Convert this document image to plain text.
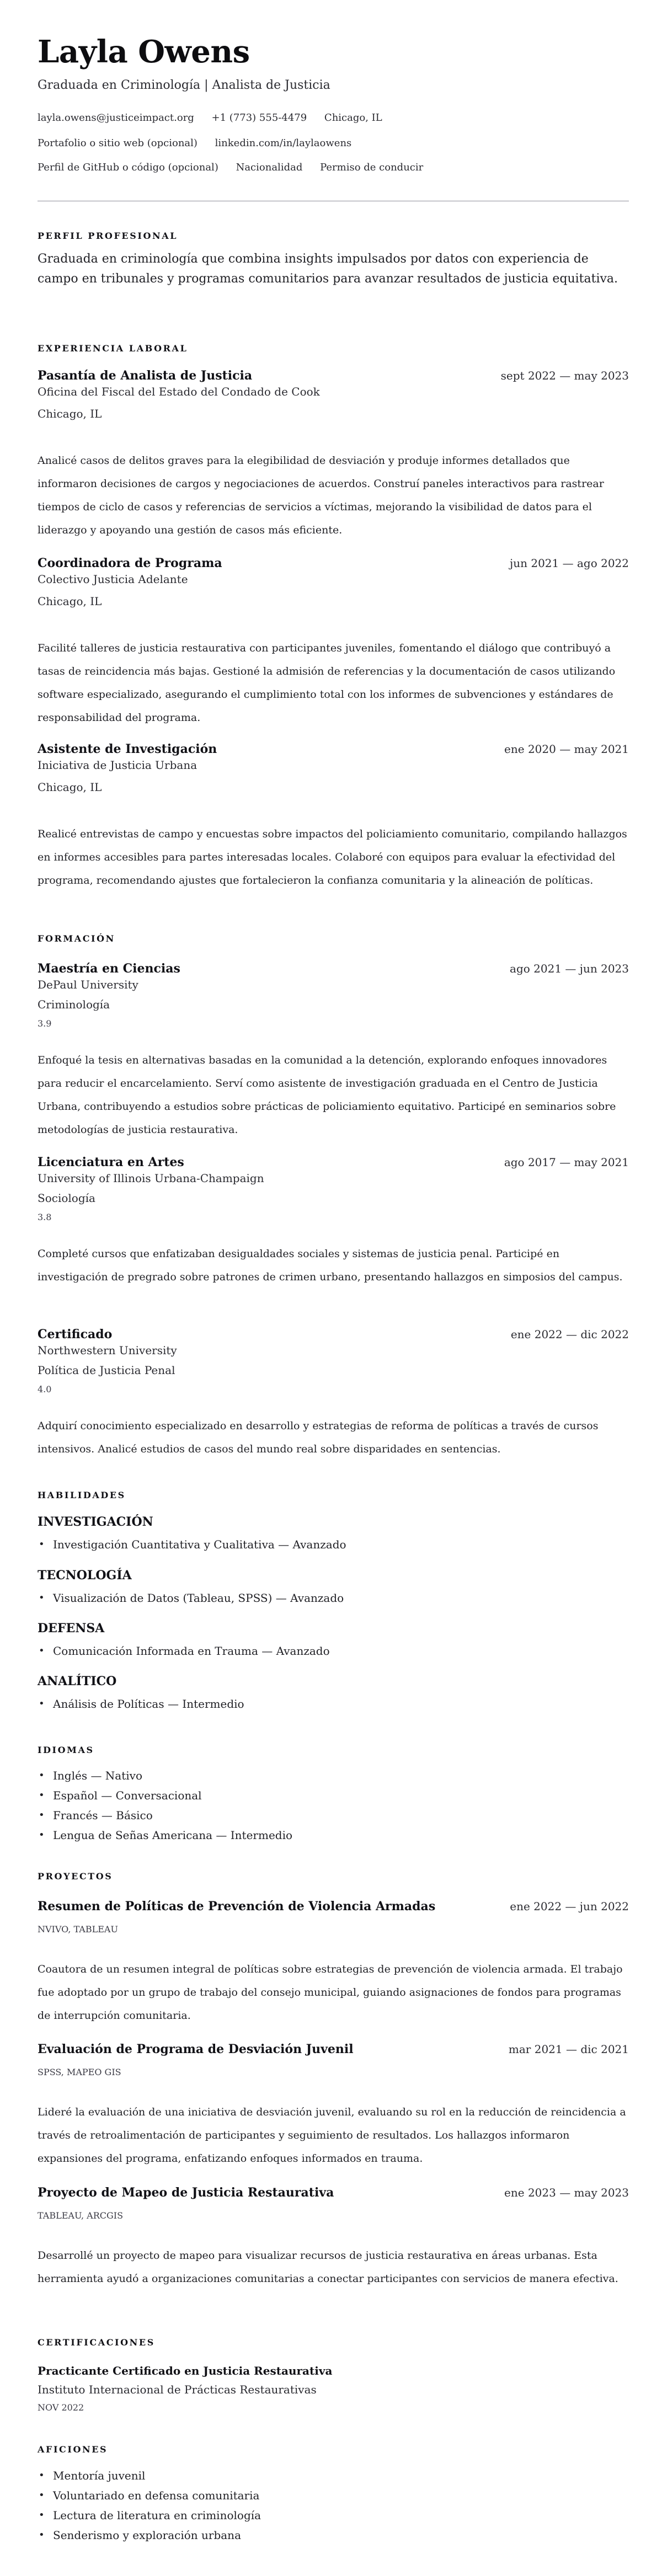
Layla Owens
Graduada en Criminología | Analista de Justicia
layla.owens@justiceimpact.org +1 (773) 555-4479 Chicago, IL
Portafolio o sitio web (opcional) linkedin.com/in/laylaowens
Perfil de GitHub o código (opcional) Nacionalidad Permiso de conducir
PERFIL PROFESIONAL
Graduada en criminología que combina insights impulsados por datos con experiencia de campo en tribunales y programas comunitarios para avanzar resultados de justicia equitativa.
EXPERIENCIA LABORAL
Pasantía de Analista de Justicia	sept 2022 — may 2023
Oficina del Fiscal del Estado del Condado de Cook
Chicago, IL
Analicé casos de delitos graves para la elegibilidad de desviación y produje informes detallados que informaron decisiones de cargos y negociaciones de acuerdos. Construí paneles interactivos para rastrear tiempos de ciclo de casos y referencias de servicios a víctimas, mejorando la visibilidad de datos para el liderazgo y apoyando una gestión de casos más eficiente.
Coordinadora de Programa	jun 2021 — ago 2022
Colectivo Justicia Adelante
Chicago, IL
Facilité talleres de justicia restaurativa con participantes juveniles, fomentando el diálogo que contribuyó a tasas de reincidencia más bajas. Gestioné la admisión de referencias y la documentación de casos utilizando software especializado, asegurando el cumplimiento total con los informes de subvenciones y estándares de responsabilidad del programa.
Asistente de Investigación	ene 2020 — may 2021
Iniciativa de Justicia Urbana
Chicago, IL
Realicé entrevistas de campo y encuestas sobre impactos del policiamiento comunitario, compilando hallazgos en informes accesibles para partes interesadas locales. Colaboré con equipos para evaluar la efectividad del programa, recomendando ajustes que fortalecieron la confianza comunitaria y la alineación de políticas.
FORMACIÓN
Maestría en Ciencias	ago 2021 — jun 2023
DePaul University
Criminología
3.9
Enfoqué la tesis en alternativas basadas en la comunidad a la detención, explorando enfoques innovadores para reducir el encarcelamiento. Serví como asistente de investigación graduada en el Centro de Justicia Urbana, contribuyendo a estudios sobre prácticas de policiamiento equitativo. Participé en seminarios sobre metodologías de justicia restaurativa.
Licenciatura en Artes	ago 2017 — may 2021
University of Illinois Urbana-Champaign
Sociología
3.8
Completé cursos que enfatizaban desigualdades sociales y sistemas de justicia penal. Participé en investigación de pregrado sobre patrones de crimen urbano, presentando hallazgos en simposios del campus.
Certificado	ene 2022 — dic 2022
Northwestern University
Política de Justicia Penal
4.0
Adquirí conocimiento especializado en desarrollo y estrategias de reforma de políticas a través de cursos intensivos. Analicé estudios de casos del mundo real sobre disparidades en sentencias.
HABILIDADES
INVESTIGACIÓN
• Investigación Cuantitativa y Cualitativa — Avanzado
TECNOLOGÍA
• Visualización de Datos (Tableau, SPSS) — Avanzado
DEFENSA
• Comunicación Informada en Trauma — Avanzado
ANALÍTICO
• Análisis de Políticas — Intermedio
IDIOMAS
• Inglés — Nativo
• Español — Conversacional
• Francés — Básico
• Lengua de Señas Americana — Intermedio
PROYECTOS
Resumen de Políticas de Prevención de Violencia Armadas	ene 2022 — jun 2022
NVIVO, TABLEAU
Coautora de un resumen integral de políticas sobre estrategias de prevención de violencia armada. El trabajo fue adoptado por un grupo de trabajo del consejo municipal, guiando asignaciones de fondos para programas de interrupción comunitaria.
Evaluación de Programa de Desviación Juvenil	mar 2021 — dic 2021
SPSS, MAPEO GIS
Lideré la evaluación de una iniciativa de desviación juvenil, evaluando su rol en la reducción de reincidencia a través de retroalimentación de participantes y seguimiento de resultados. Los hallazgos informaron expansiones del programa, enfatizando enfoques informados en trauma.
Proyecto de Mapeo de Justicia Restaurativa	ene 2023 — may 2023
TABLEAU, ARCGIS
Desarrollé un proyecto de mapeo para visualizar recursos de justicia restaurativa en áreas urbanas. Esta herramienta ayudó a organizaciones comunitarias a conectar participantes con servicios de manera efectiva.
CERTIFICACIONES
Practicante Certificado en Justicia Restaurativa
Instituto Internacional de Prácticas Restaurativas
NOV 2022
AFICIONES
• Mentoría juvenil
• Voluntariado en defensa comunitaria
• Lectura de literatura en criminología
• Senderismo y exploración urbana
